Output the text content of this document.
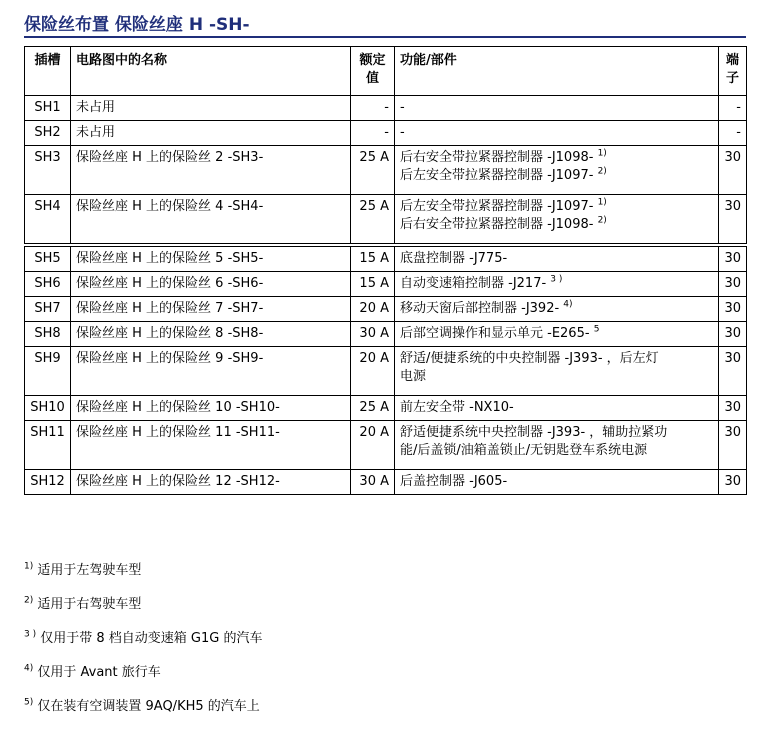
保险丝布置 保险丝座 H -SH-
插槽	电路图中的名称	额定值	功能/部件	端子
SH1	未占用	-	-	-
SH2	未占用	-	-	-
SH3	保险丝座 H 上的保险丝 2 -SH3-	25 A	后右安全带拉紧器控制器 -J1098- $^{1)}$
后左安全带拉紧器控制器 -J1097- $^{2)}$	30
SH4	保险丝座 H 上的保险丝 4 -SH4-	25 A	后左安全带拉紧器控制器 -J1097- $^{1)}$
后右安全带拉紧器控制器 -J1098- $^{2)}$	30

SH5	保险丝座 H 上的保险丝 5 -SH5-	15 A	底盘控制器 -J775-	30
SH6	保险丝座 H 上的保险丝 6 -SH6-	15 A	自动变速箱控制器 -J217- $^{3 )}$	30
SH7	保险丝座 H 上的保险丝 7 -SH7-	20 A	移动天窗后部控制器 -J392- $^{4)}$	30
SH8	保险丝座 H 上的保险丝 8 -SH8-	30 A	后部空调操作和显示单元 -E265- $^5$	30
SH9	保险丝座 H 上的保险丝 9 -SH9-	20 A	舒适/便捷系统的中央控制器 -J393- ，后左灯
电源	30
SH10	保险丝座 H 上的保险丝 10 -SH10-	25 A	前左安全带 -NX10-	30
SH11	保险丝座 H 上的保险丝 11 -SH11-	20 A	舒适便捷系统中央控制器 -J393- ，辅助拉紧功
能/后盖锁/油箱盖锁止/无钥匙登车系统电源	30
SH12	保险丝座 H 上的保险丝 12 -SH12-	30 A	后盖控制器 -J605-	30
$^{1)}$ 适用于左驾驶车型
$^{2)}$ 适用于右驾驶车型
$^{3 )}$ 仅用于带 8 档自动变速箱 G1G 的汽车
$^{4)}$ 仅用于 Avant 旅行车
$^{5)}$ 仅在装有空调装置 9AQ/KH5 的汽车上
